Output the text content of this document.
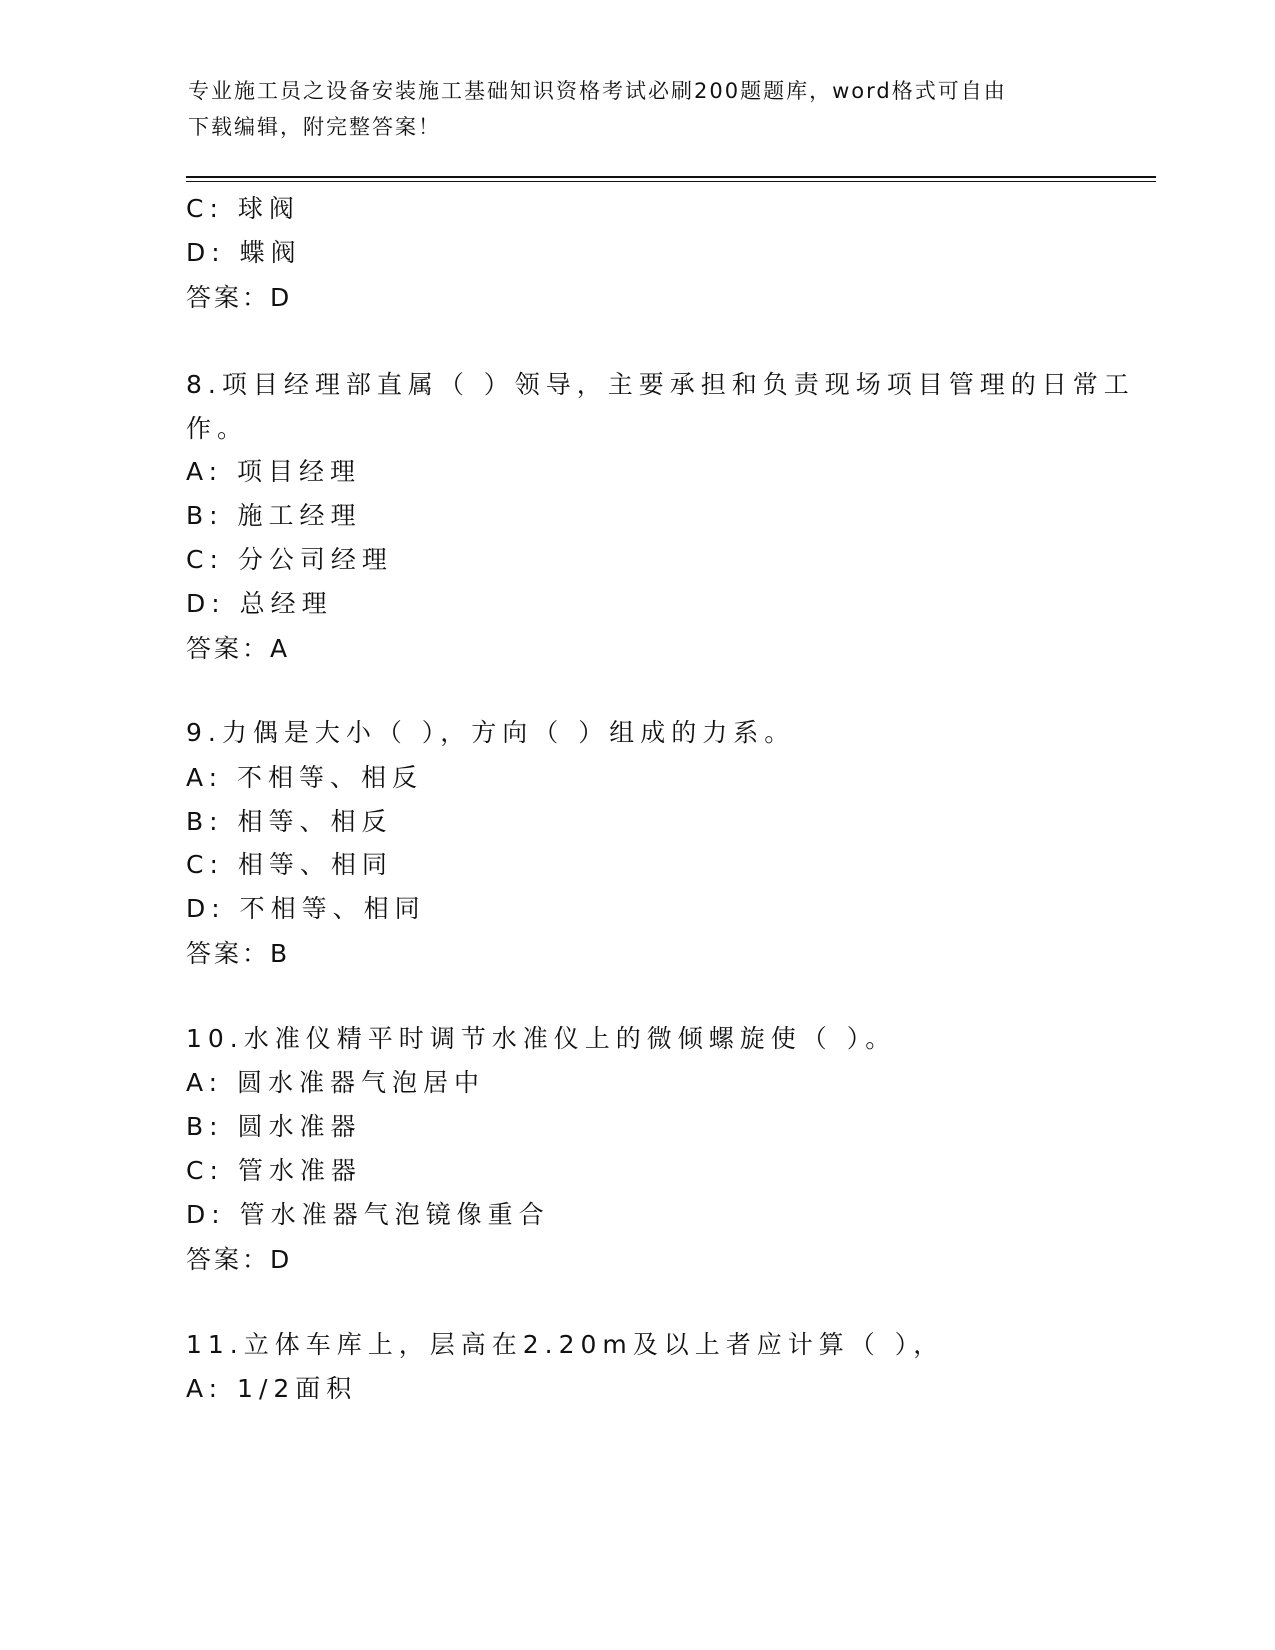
专业施工员之设备安装施工基础知识资格考试必刷200题题库，word格式可自由
下载编辑，附完整答案！
C: 球阀
D: 蝶阀
答案：D
8.项目经理部直属（ ）领导，主要承担和负责现场项目管理的日常工
作。
A: 项目经理
B: 施工经理
C: 分公司经理
D: 总经理
答案：A
9.力偶是大小（ ），方向（ ）组成的力系。
A: 不相等、相反
B: 相等、相反
C: 相等、相同
D: 不相等、相同
答案：B
10.水准仪精平时调节水准仪上的微倾螺旋使（ ）。
A: 圆水准器气泡居中
B: 圆水准器
C: 管水准器
D: 管水准器气泡镜像重合
答案：D
11.立体车库上，层高在2.20m及以上者应计算（ ），
A: 1/2面积
